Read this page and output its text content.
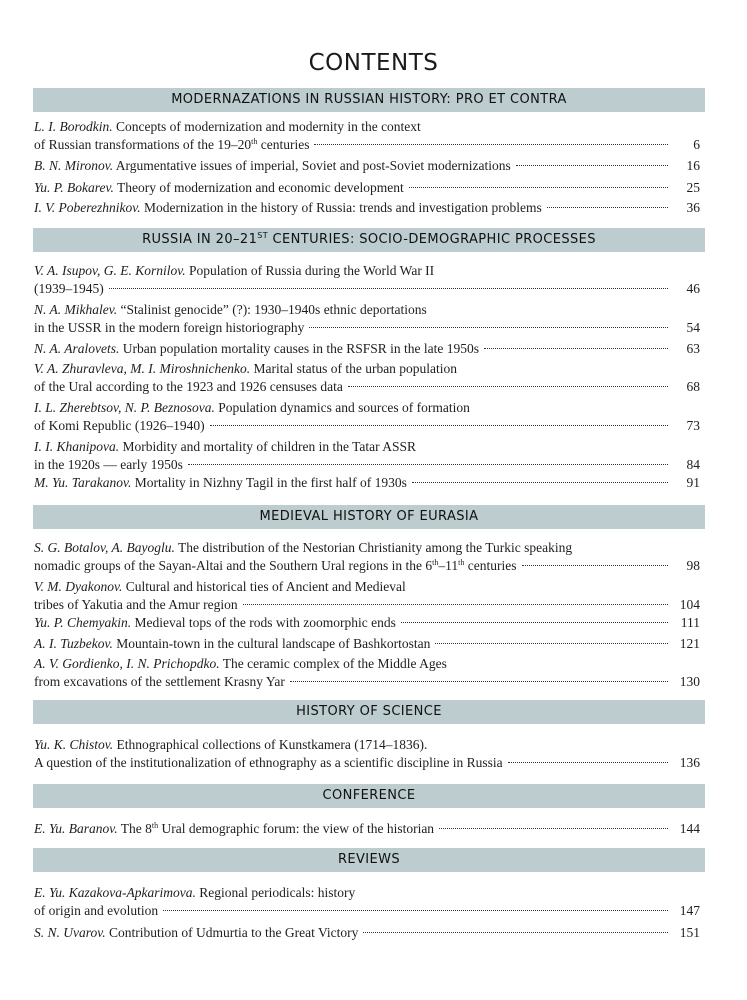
CONTENTS
MODERNAZATIONS IN RUSSIAN HISTORY: PRO ET CONTRA
L. I. Borodkin. Concepts of modernization and modernity in the context
of Russian transformations of the 19–20th centuries	6
B. N. Mironov. Argumentative issues of imperial, Soviet and post-Soviet modernizations	16
Yu. P. Bokarev. Theory of modernization and economic development	25
I. V. Poberezhnikov. Modernization in the history of Russia: trends and investigation problems	36
RUSSIA IN 20–21ST CENTURIES: SOCIO-DEMOGRAPHIC PROCESSES
V. A. Isupov, G. E. Kornilov. Population of Russia during the World War II
(1939–1945)	46
N. A. Mikhalev. “Stalinist genocide” (?): 1930–1940s ethnic deportations
in the USSR in the modern foreign historiography	54
N. A. Aralovets. Urban population mortality causes in the RSFSR in the late 1950s	63
V. A. Zhuravleva, M. I. Miroshnichenko. Marital status of the urban population
of the Ural according to the 1923 and 1926 censuses data	68
I. L. Zherebtsov, N. P. Beznosova. Population dynamics and sources of formation
of Komi Republic (1926–1940)	73
I. I. Khanipova. Morbidity and mortality of children in the Tatar ASSR
in the 1920s — early 1950s	84
M. Yu. Tarakanov. Mortality in Nizhny Tagil in the first half of 1930s	91
MEDIEVAL HISTORY OF EURASIA
S. G. Botalov, A. Bayoglu. The distribution of the Nestorian Christianity among the Turkic speaking
nomadic groups of the Sayan-Altai and the Southern Ural regions in the 6th–11th centuries	98
V. M. Dyakonov. Cultural and historical ties of Ancient and Medieval
tribes of Yakutia and the Amur region	104
Yu. P. Chemyakin. Medieval tops of the rods with zoomorphic ends	111
A. I. Tuzbekov. Mountain-town in the cultural landscape of Bashkortostan	121
A. V. Gordienko, I. N. Prichopdko. The ceramic complex of the Middle Ages
from excavations of the settlement Krasny Yar	130
HISTORY OF SCIENCE
Yu. K. Chistov. Ethnographical collections of Kunstkamera (1714–1836).
A question of the institutionalization of ethnography as a scientific discipline in Russia	136
CONFERENCE
E. Yu. Baranov. The 8th Ural demographic forum: the view of the historian	144
REVIEWS
E. Yu. Kazakova-Apkarimova. Regional periodicals: history
of origin and evolution	147
S. N. Uvarov. Contribution of Udmurtia to the Great Victory	151
